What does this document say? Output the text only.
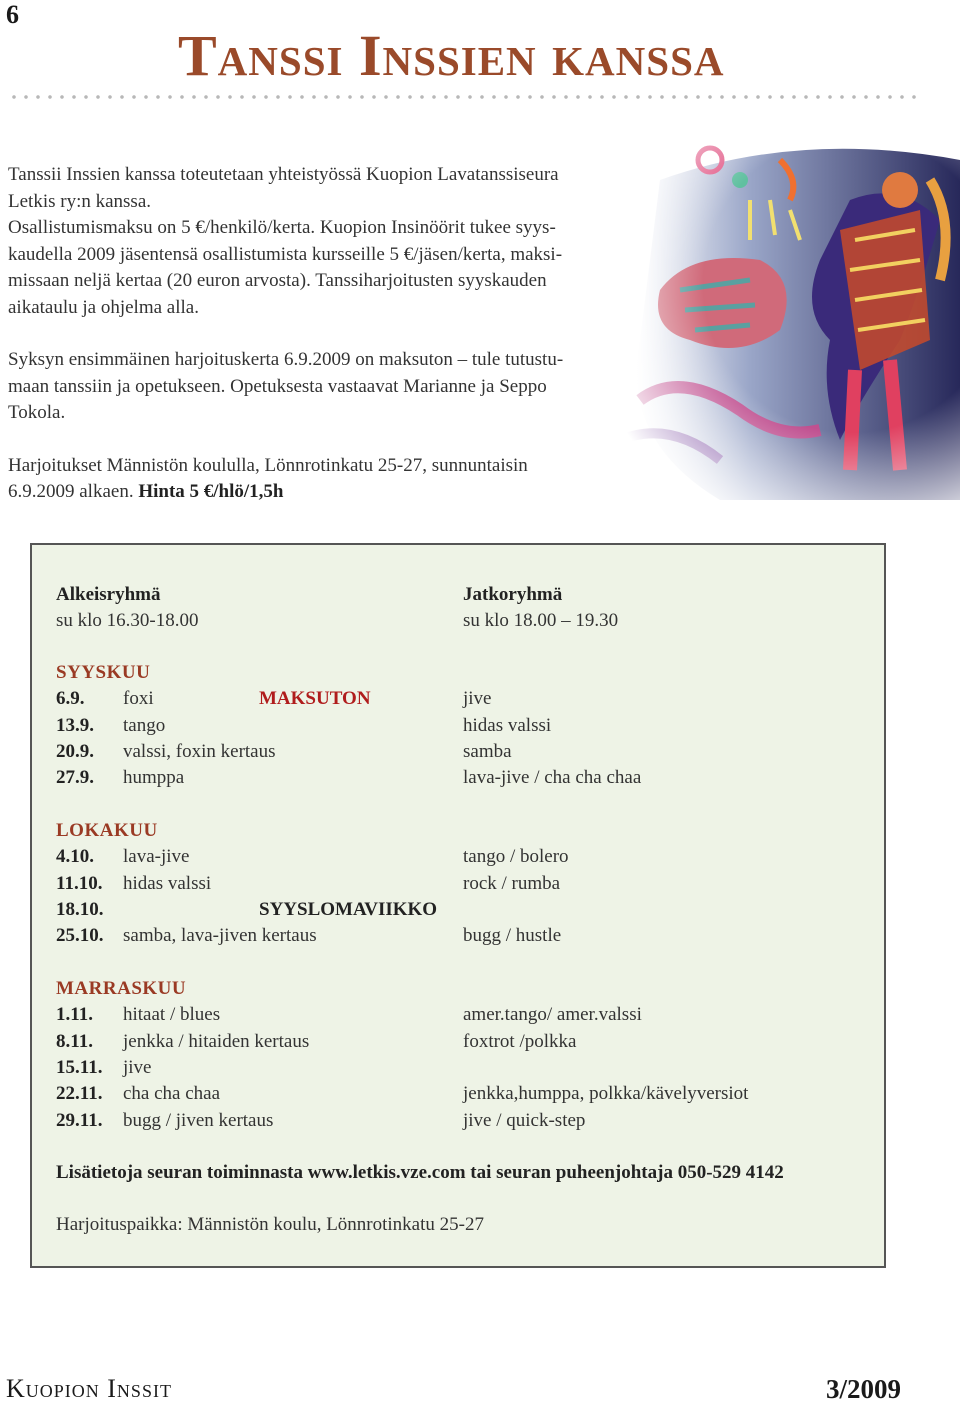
6
Tanssi Inssien kanssa

Tanssii Inssien kanssa toteutetaan yhteistyössä Kuopion Lavatanssiseura
Letkis ry:n kanssa.
Osallistumismaksu on 5 €/henkilö/kerta. Kuopion Insinöörit tukee syys-
kaudella 2009 jäsentensä osallistumista kursseille 5 €/jäsen/kerta, maksi-
missaan neljä kertaa (20 euron arvosta). Tanssiharjoitusten syyskauden
aikataulu ja ohjelma alla.

Syksyn ensimmäinen harjoituskerta 6.9.2009 on maksuton – tule tutustu-
maan tanssiin ja opetukseen. Opetuksesta vastaavat Marianne ja Seppo
Tokola.

Harjoitukset Männistön koululla, Lönnrotinkatu 25-27, sunnuntaisin
6.9.2009 alkaen. Hinta 5 €/hlö/1,5h

Alkeisryhmä
su klo 16.30-18.00
Jatkoryhmä
su klo 18.00 – 19.30
SYYSKUU
6.9. foxi	MAKSUTON	jive
13.9. tango	hidas valssi
20.9. valssi, foxin kertaus	samba
27.9. humppa	lava-jive / cha cha chaa
LOKAKUU
4.10. lava-jive	tango / bolero
11.10. hidas valssi	rock / rumba
18.10.	SYYSLOMAVIIKKO
25.10. samba, lava-jiven kertaus	bugg / hustle
MARRASKUU
1.11. hitaat / blues	amer.tango/ amer.valssi
8.11. jenkka / hitaiden kertaus	foxtrot /polkka
15.11. jive
22.11. cha cha chaa	jenkka,humppa, polkka/kävelyversiot
29.11. bugg / jiven kertaus	jive / quick-step
Lisätietoja seuran toiminnasta www.letkis.vze.com tai seuran puheenjohtaja 050-529 4142
Harjoituspaikka: Männistön koulu, Lönnrotinkatu 25-27
Kuopion Inssit	3/2009
